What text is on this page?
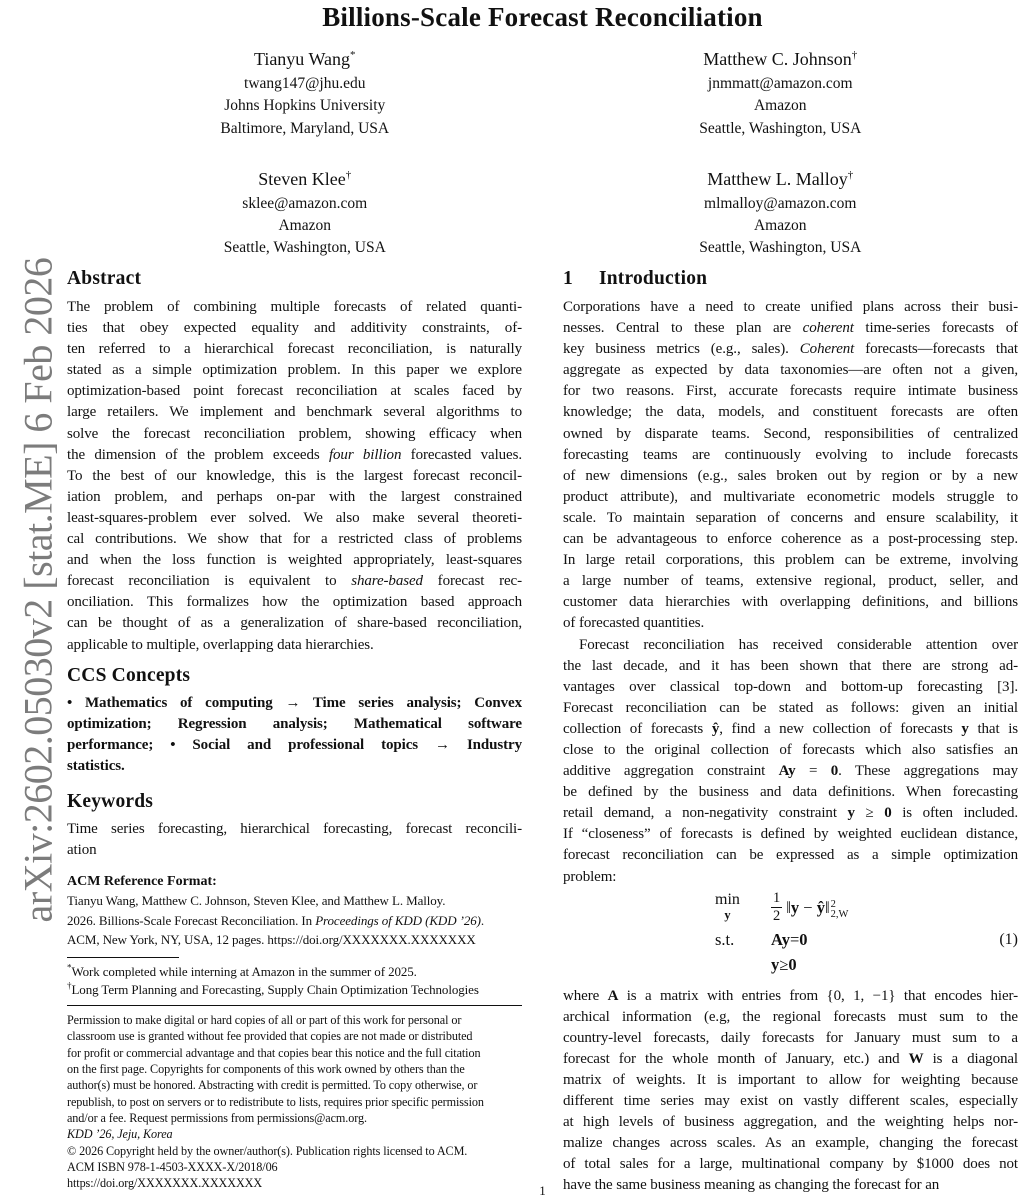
arXiv:2602.05030v2 [stat.ME] 6 Feb 2026
Billions-Scale Forecast Reconciliation
Tianyu Wang*
twang147@jhu.edu
Johns Hopkins University
Baltimore, Maryland, USA
Matthew C. Johnson†
jnmmatt@amazon.com
Amazon
Seattle, Washington, USA
Steven Klee†
sklee@amazon.com
Amazon
Seattle, Washington, USA
Matthew L. Malloy†
mlmalloy@amazon.com
Amazon
Seattle, Washington, USA
Abstract
The problem of combining multiple forecasts of related quanti-
ties that obey expected equality and additivity constraints, of-
ten referred to a hierarchical forecast reconciliation, is naturally
stated as a simple optimization problem. In this paper we explore
optimization-based point forecast reconciliation at scales faced by
large retailers. We implement and benchmark several algorithms to
solve the forecast reconciliation problem, showing efficacy when
the dimension of the problem exceeds four billion forecasted values.
To the best of our knowledge, this is the largest forecast reconcil-
iation problem, and perhaps on-par with the largest constrained
least-squares-problem ever solved. We also make several theoreti-
cal contributions. We show that for a restricted class of problems
and when the loss function is weighted appropriately, least-squares
forecast reconciliation is equivalent to share-based forecast rec-
onciliation. This formalizes how the optimization based approach
can be thought of as a generalization of share-based reconciliation,
applicable to multiple, overlapping data hierarchies.
CCS Concepts
• Mathematics of computing → Time series analysis; Convex
optimization; Regression analysis; Mathematical software
performance; • Social and professional topics → Industry
statistics.
Keywords
Time series forecasting, hierarchical forecasting, forecast reconcili-
ation
ACM Reference Format:
Tianyu Wang, Matthew C. Johnson, Steven Klee, and Matthew L. Malloy.
2026. Billions-Scale Forecast Reconciliation. In Proceedings of KDD (KDD ’26).
ACM, New York, NY, USA, 12 pages. https://doi.org/XXXXXXX.XXXXXXX
*Work completed while interning at Amazon in the summer of 2025.
†Long Term Planning and Forecasting, Supply Chain Optimization Technologies
Permission to make digital or hard copies of all or part of this work for personal or
classroom use is granted without fee provided that copies are not made or distributed
for profit or commercial advantage and that copies bear this notice and the full citation
on the first page. Copyrights for components of this work owned by others than the
author(s) must be honored. Abstracting with credit is permitted. To copy otherwise, or
republish, to post on servers or to redistribute to lists, requires prior specific permission
and/or a fee. Request permissions from permissions@acm.org.
KDD ’26, Jeju, Korea
© 2026 Copyright held by the owner/author(s). Publication rights licensed to ACM.
ACM ISBN 978-1-4503-XXXX-X/2018/06
https://doi.org/XXXXXXX.XXXXXXX
1 Introduction
Corporations have a need to create unified plans across their busi-
nesses. Central to these plan are coherent time-series forecasts of
key business metrics (e.g., sales). Coherent forecasts—forecasts that
aggregate as expected by data taxonomies—are often not a given,
for two reasons. First, accurate forecasts require intimate business
knowledge; the data, models, and constituent forecasts are often
owned by disparate teams. Second, responsibilities of centralized
forecasting teams are continuously evolving to include forecasts
of new dimensions (e.g., sales broken out by region or by a new
product attribute), and multivariate econometric models struggle to
scale. To maintain separation of concerns and ensure scalability, it
can be advantageous to enforce coherence as a post-processing step.
In large retail corporations, this problem can be extreme, involving
a large number of teams, extensive regional, product, seller, and
customer data hierarchies with overlapping definitions, and billions
of forecasted quantities.
Forecast reconciliation has received considerable attention over
the last decade, and it has been shown that there are strong ad-
vantages over classical top-down and bottom-up forecasting [3].
Forecast reconciliation can be stated as follows: given an initial
collection of forecasts ŷ, find a new collection of forecasts y that is
close to the original collection of forecasts which also satisfies an
additive aggregation constraint Ay = 0. These aggregations may
be defined by the business and data definitions. When forecasting
retail demand, a non-negativity constraint y ≥ 0 is often included.
If “closeness” of forecasts is defined by weighted euclidean distance,
forecast reconciliation can be expressed as a simple optimization
problem:
min
y	$\frac{1}{2}$ ‖y − ŷ‖ 2
2,W
s.t.	Ay = 0
y ≥ 0
(1)
where A is a matrix with entries from {0, 1, −1} that encodes hier-
archical information (e.g, the regional forecasts must sum to the
country-level forecasts, daily forecasts for January must sum to a
forecast for the whole month of January, etc.) and W is a diagonal
matrix of weights. It is important to allow for weighting because
different time series may exist on vastly different scales, especially
at high levels of business aggregation, and the weighting helps nor-
malize changes across scales. As an example, changing the forecast
of total sales for a large, multinational company by $1000 does not
have the same business meaning as changing the forecast for an
1
